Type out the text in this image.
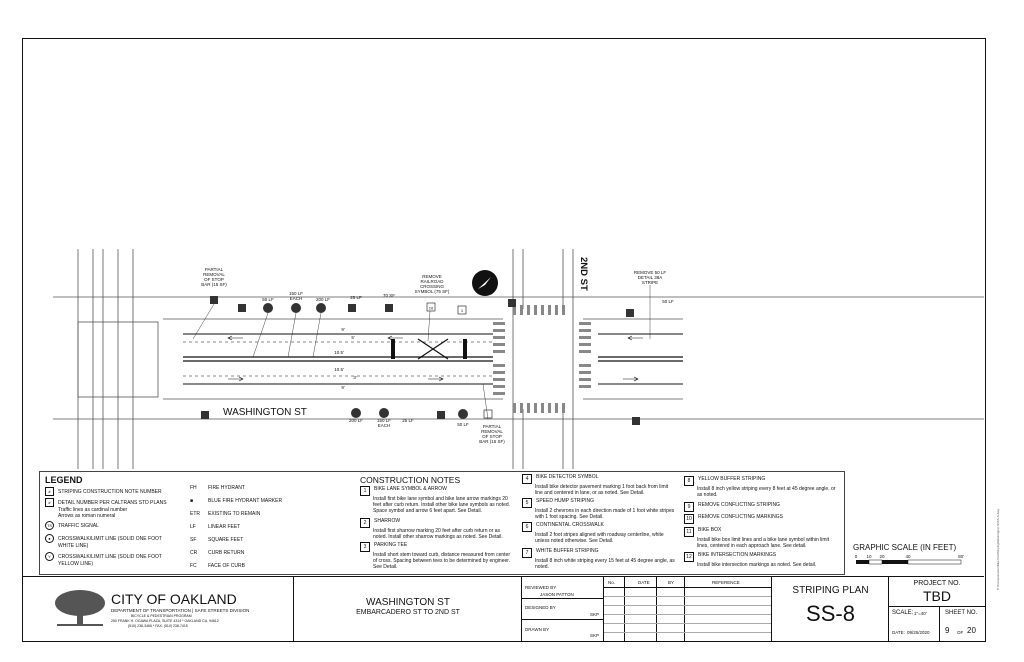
10	1
WASHINGTON ST
2ND ST
PARTIAL
REMOVAL
OF STOP
BAR (15 SF)
REMOVE
RAILROAD
CROSSING
SYMBOL (75 SF)
REMOVE 50 LF
DETAIL 38A
STRIPE
PARTIAL
REMOVAL
OF STOP
BAR (15 SF)
50 LF
150 LF
EACH	200 LF	25 LF	70 SF
50 LF
200 LF	150 LF
EACH
25 LF
50 LF
9'
5'
10.5'
10.5'
3'
9'
LEGEND
# STRIPING CONSTRUCTION NOTE NUMBER
# DETAIL NUMBER PER CALTRANS STD PLANS
Traffic lines as cardinal number
Arrows as roman numeral
TS TRAFFIC SIGNAL
● CROSSWALK/LIMIT LINE (SOLID ONE FOOT
WHITE LINE)
Y CROSSWALK/LIMIT LINE (SOLID ONE FOOT
YELLOW LINE)
FH FIRE HYDRANT
■	BLUE FIRE HYDRANT MARKER
ETR EXISTING TO REMAIN
LF LINEAR FEET
SF SQUARE FEET
CR CURB RETURN
FC FACE OF CURB
CONSTRUCTION NOTES
1 BIKE LANE SYMBOL & ARROW
Install first bike lane symbol and bike lane arrow markings 20 feet after curb return. Install other bike lane symbols as noted. Space symbol and arrow 6 feet apart. See Detail.
2 SHARROW
Install first sharrow marking 20 feet after curb return or as noted. Install other sharrow markings as noted. See Detail.
3 PARKING TEE
Install short stem toward curb, distance measured from center of cross. Spacing between tees to be determined by engineer. See Detail.
4 BIKE DETECTOR SYMBOL
Install bike detector pavement marking 1 foot back from limit line and centered in lane, or as noted. See Detail.
5 SPEED HUMP STRIPING
Install 2 chevrons in each direction made of 1 foot white stripes with 1 foot spacing. See Detail.
6 CONTINENTAL CROSSWALK
Install 2 foot stripes aligned with roadway centerline, white unless noted otherwise. See Detail.
7 WHITE BUFFER STRIPING
Install 8 inch white striping every 15 feet at 45 degree angle, as noted.
8 YELLOW BUFFER STRIPING
Install 8 inch yellow striping every 8 feet at 45 degree angle, or as noted.
9 REMOVE CONFLICTING STRIPING
10 REMOVE CONFLICTING MARKINGS
11 BIKE BOX
Install bike box limit lines and a bike lane symbol within limit lines, centered in each approach lane. See detail.
12 BIKE INTERSECTION MARKINGS
Install bike intersection markings as noted. See detail.
GRAPHIC SCALE (IN FEET)
0 10 20	40	80'
CITY OF OAKLAND
DEPARTMENT OF TRANSPORTATION | SAFE STREETS DIVISION
BICYCLE & PEDESTRIAN PROGRAM
250 FRANK H. OGAWA PLAZA, SUITE 4314 * OAKLAND CA, 94612
(510) 238-3466 * FAX: (510) 238-7415
WASHINGTON ST
EMBARCADERO ST TO 2ND ST
REVIEWED BY
JASON PATTON
DESIGNED BY
SKP
DRAWN BY
SKP
No.	DATE	BY	REFERENCE
STRIPING PLAN
SS-8
PROJECT NO.
TBD
SCALE: 1"=40'	SHEET NO.
DATE: 09/25/2020 9 OF 20
P:\Transportation\Bike Ped\Striping\Washington St\SS-8.dwg
